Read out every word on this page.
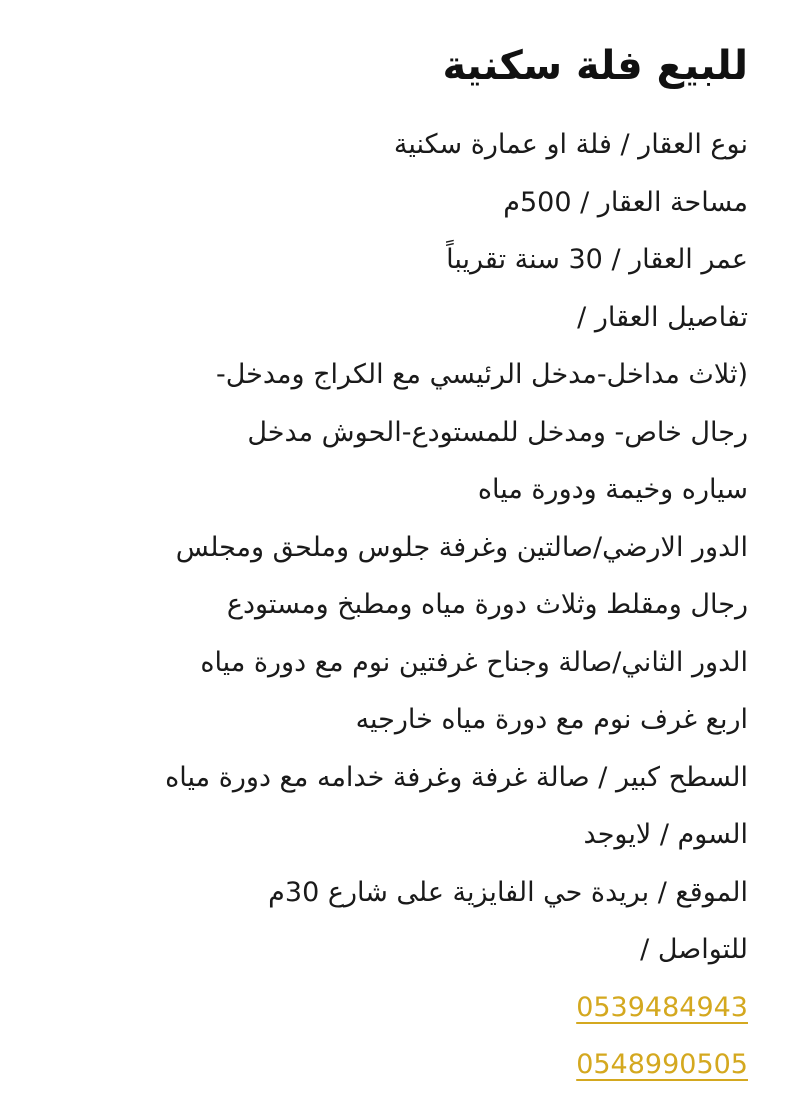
للبيع فلة سكنية
نوع العقار / فلة او عمارة سكنية
مساحة العقار / 500م
عمر العقار / 30 سنة تقريباً
تفاصيل العقار /
(ثلاث مداخل-مدخل الرئيسي مع الكراج ومدخل-
رجال خاص- ومدخل للمستودع-الحوش مدخل
سياره وخيمة ودورة مياه
الدور الارضي/صالتين وغرفة جلوس وملحق ومجلس
رجال ومقلط وثلاث دورة مياه ومطبخ ومستودع
الدور الثاني/صالة وجناح غرفتين نوم مع دورة مياه
اربع غرف نوم مع دورة مياه خارجيه
السطح كبير / صالة غرفة وغرفة خدامه مع دورة مياه
السوم / لايوجد
الموقع / بريدة حي الفايزية على شارع 30م
للتواصل /
0539484943
0548990505
